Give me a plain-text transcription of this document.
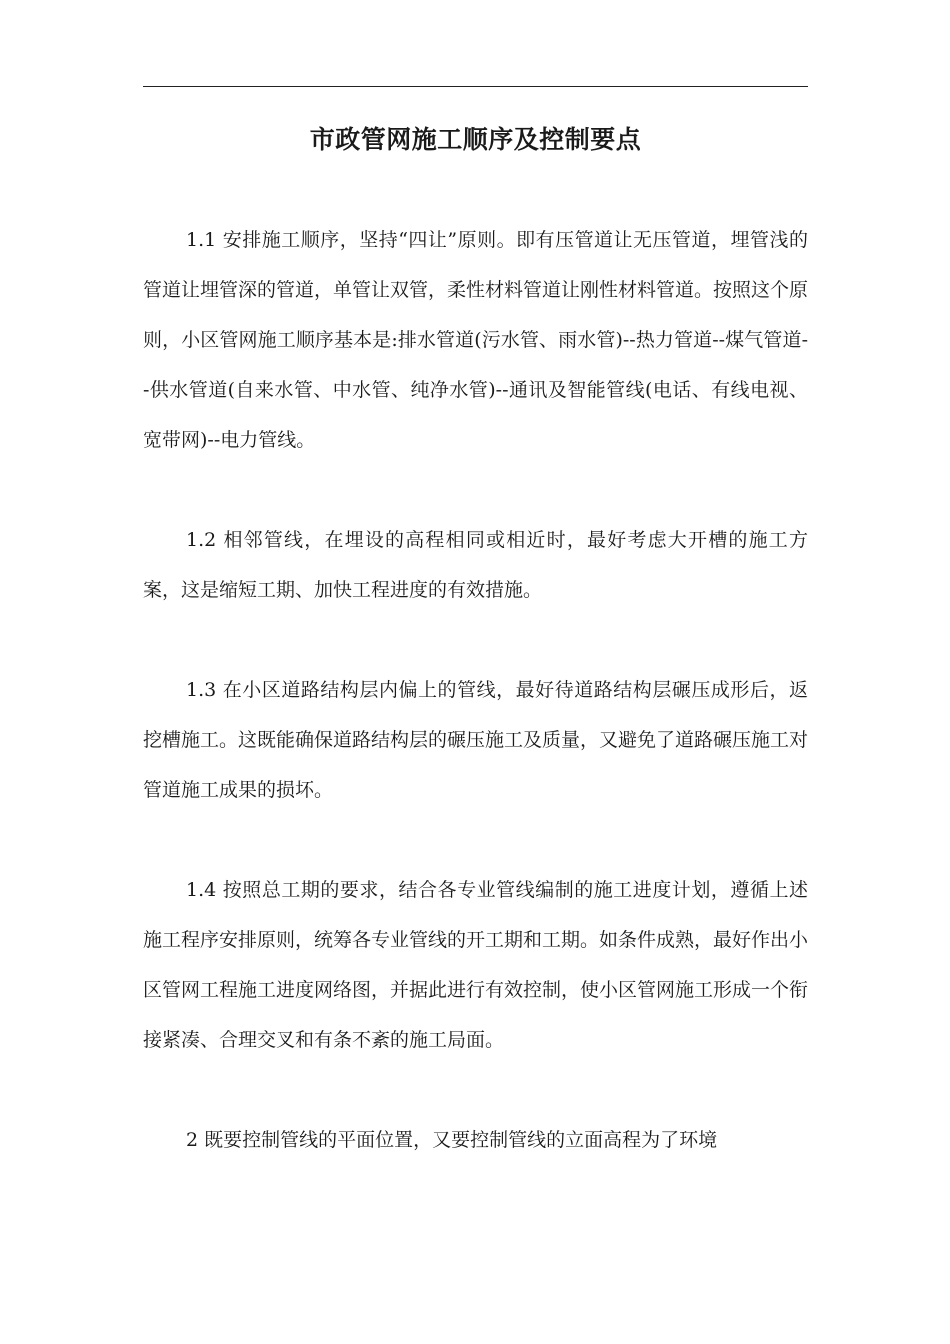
市政管网施工顺序及控制要点

1.1 安排施工顺序，坚持“四让”原则。即有压管道让无压管道，埋管浅的管道让埋管深的管道，单管让双管，柔性材料管道让刚性材料管道。按照这个原则，小区管网施工顺序基本是:排水管道(污水管、雨水管)--热力管道--煤气管道--供水管道(自来水管、中水管、纯净水管)--通讯及智能管线(电话、有线电视、宽带网)--电力管线。

1.2 相邻管线，在埋设的高程相同或相近时，最好考虑大开槽的施工方案，这是缩短工期、加快工程进度的有效措施。

1.3 在小区道路结构层内偏上的管线，最好待道路结构层碾压成形后，返挖槽施工。这既能确保道路结构层的碾压施工及质量，又避免了道路碾压施工对管道施工成果的损坏。

1.4 按照总工期的要求，结合各专业管线编制的施工进度计划，遵循上述施工程序安排原则，统筹各专业管线的开工期和工期。如条件成熟，最好作出小区管网工程施工进度网络图，并据此进行有效控制，使小区管网施工形成一个衔接紧凑、合理交叉和有条不紊的施工局面。

2 既要控制管线的平面位置，又要控制管线的立面高程为了环境
